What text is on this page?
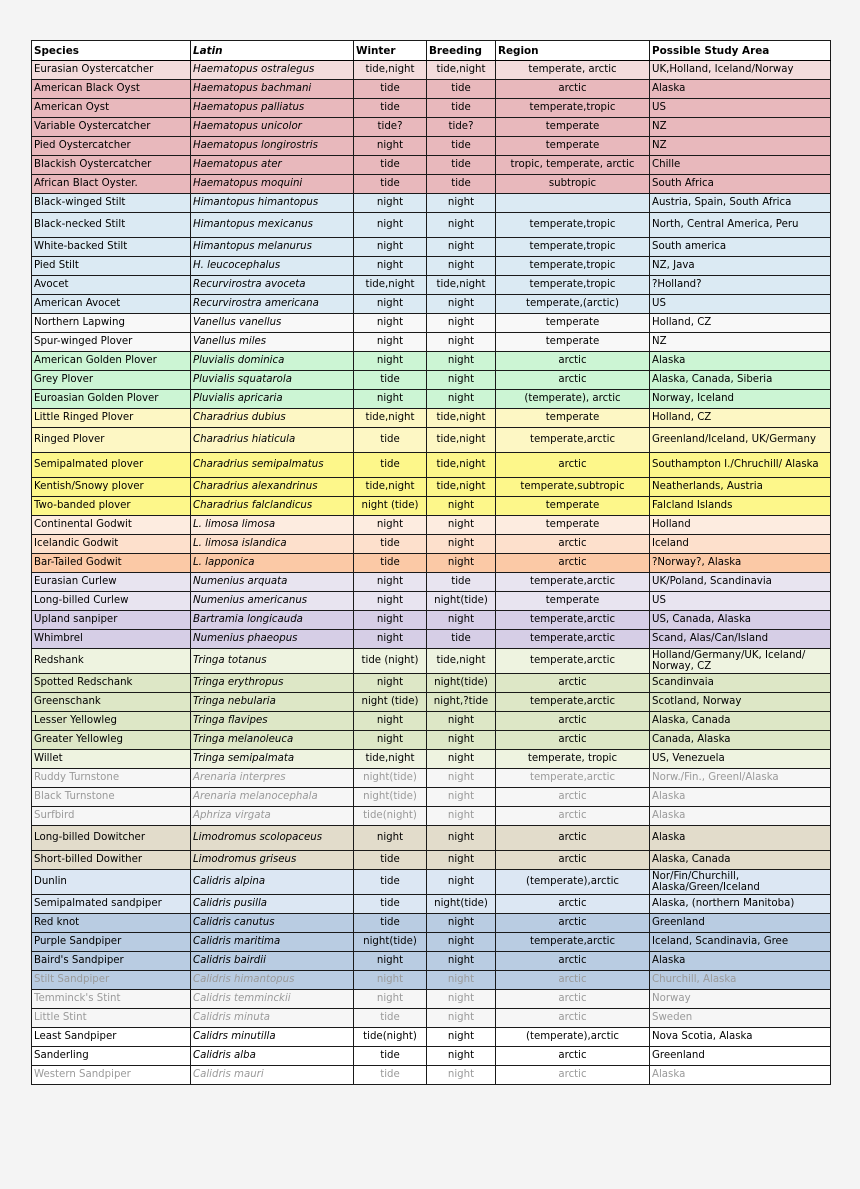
Species	Latin	Winter	Breeding	Region	Possible Study Area
Eurasian Oystercatcher	Haematopus ostralegus	tide,night	tide,night	temperate, arctic	UK,Holland, Iceland/Norway
American Black Oyst	Haematopus bachmani	tide	tide	arctic	Alaska
American Oyst	Haematopus palliatus	tide	tide	temperate,tropic	US
Variable Oystercatcher	Haematopus unicolor	tide?	tide?	temperate	NZ
Pied Oystercatcher	Haematopus longirostris	night	tide	temperate	NZ
Blackish Oystercatcher	Haematopus ater	tide	tide	tropic, temperate, arctic	Chille
African Blact Oyster.	Haematopus moquini	tide	tide	subtropic	South Africa
Black-winged Stilt	Himantopus himantopus	night	night		Austria, Spain, South Africa
Black-necked Stilt	Himantopus mexicanus	night	night	temperate,tropic	North, Central America, Peru
White-backed Stilt	Himantopus melanurus	night	night	temperate,tropic	South america
Pied Stilt	H. leucocephalus	night	night	temperate,tropic	NZ, Java
Avocet	Recurvirostra avoceta	tide,night	tide,night	temperate,tropic	?Holland?
American Avocet	Recurvirostra americana	night	night	temperate,(arctic)	US
Northern Lapwing	Vanellus vanellus	night	night	temperate	Holland, CZ
Spur-winged Plover	Vanellus miles	night	night	temperate	NZ
American Golden Plover	Pluvialis dominica	night	night	arctic	Alaska
Grey Plover	Pluvialis squatarola	tide	night	arctic	Alaska, Canada, Siberia
Euroasian Golden Plover	Pluvialis apricaria	night	night	(temperate), arctic	Norway, Iceland
Little Ringed Plover	Charadrius dubius	tide,night	tide,night	temperate	Holland, CZ
Ringed Plover	Charadrius hiaticula	tide	tide,night	temperate,arctic	Greenland/Iceland, UK/Germany
Semipalmated plover	Charadrius semipalmatus	tide	tide,night	arctic	Southampton I./Chruchill/ Alaska
Kentish/Snowy plover	Charadrius alexandrinus	tide,night	tide,night	temperate,subtropic	Neatherlands, Austria
Two-banded plover	Charadrius falclandicus	night (tide)	night	temperate	Falcland Islands
Continental Godwit	L. limosa limosa	night	night	temperate	Holland
Icelandic Godwit	L. limosa islandica	tide	night	arctic	Iceland
Bar-Tailed Godwit	L. lapponica	tide	night	arctic	?Norway?, Alaska
Eurasian Curlew	Numenius arquata	night	tide	temperate,arctic	UK/Poland, Scandinavia
Long-billed Curlew	Numenius americanus	night	night(tide)	temperate	US
Upland sanpiper	Bartramia longicauda	night	night	temperate,arctic	US, Canada, Alaska
Whimbrel	Numenius phaeopus	night	tide	temperate,arctic	Scand, Alas/Can/Island
Redshank	Tringa totanus	tide (night)	tide,night	temperate,arctic	Holland/Germany/UK, Iceland/ Norway, CZ
Spotted Redschank	Tringa erythropus	night	night(tide)	arctic	Scandinvaia
Greenschank	Tringa nebularia	night (tide)	night,?tide	temperate,arctic	Scotland, Norway
Lesser Yellowleg	Tringa flavipes	night	night	arctic	Alaska, Canada
Greater Yellowleg	Tringa melanoleuca	night	night	arctic	Canada, Alaska
Willet	Tringa semipalmata	tide,night	night	temperate, tropic	US, Venezuela
Ruddy Turnstone	Arenaria interpres	night(tide)	night	temperate,arctic	Norw./Fin., Greenl/Alaska
Black Turnstone	Arenaria melanocephala	night(tide)	night	arctic	Alaska
Surfbird	Aphriza virgata	tide(night)	night	arctic	Alaska
Long-billed Dowitcher	Limodromus scolopaceus	night	night	arctic	Alaska
Short-billed Dowither	Limodromus griseus	tide	night	arctic	Alaska, Canada
Dunlin	Calidris alpina	tide	night	(temperate),arctic	Nor/Fin/Churchill, Alaska/Green/Iceland
Semipalmated sandpiper	Calidris pusilla	tide	night(tide)	arctic	Alaska, (northern Manitoba)
Red knot	Calidris canutus	tide	night	arctic	Greenland
Purple Sandpiper	Calidris maritima	night(tide)	night	temperate,arctic	Iceland, Scandinavia, Gree
Baird's Sandpiper	Calidris bairdii	night	night	arctic	Alaska
Stilt Sandpiper	Calidris himantopus	night	night	arctic	Churchill, Alaska
Temminck's Stint	Calidris temminckii	night	night	arctic	Norway
Little Stint	Calidris minuta	tide	night	arctic	Sweden
Least Sandpiper	Calidrs minutilla	tide(night)	night	(temperate),arctic	Nova Scotia, Alaska
Sanderling	Calidris alba	tide	night	arctic	Greenland
Western Sandpiper	Calidris mauri	tide	night	arctic	Alaska
